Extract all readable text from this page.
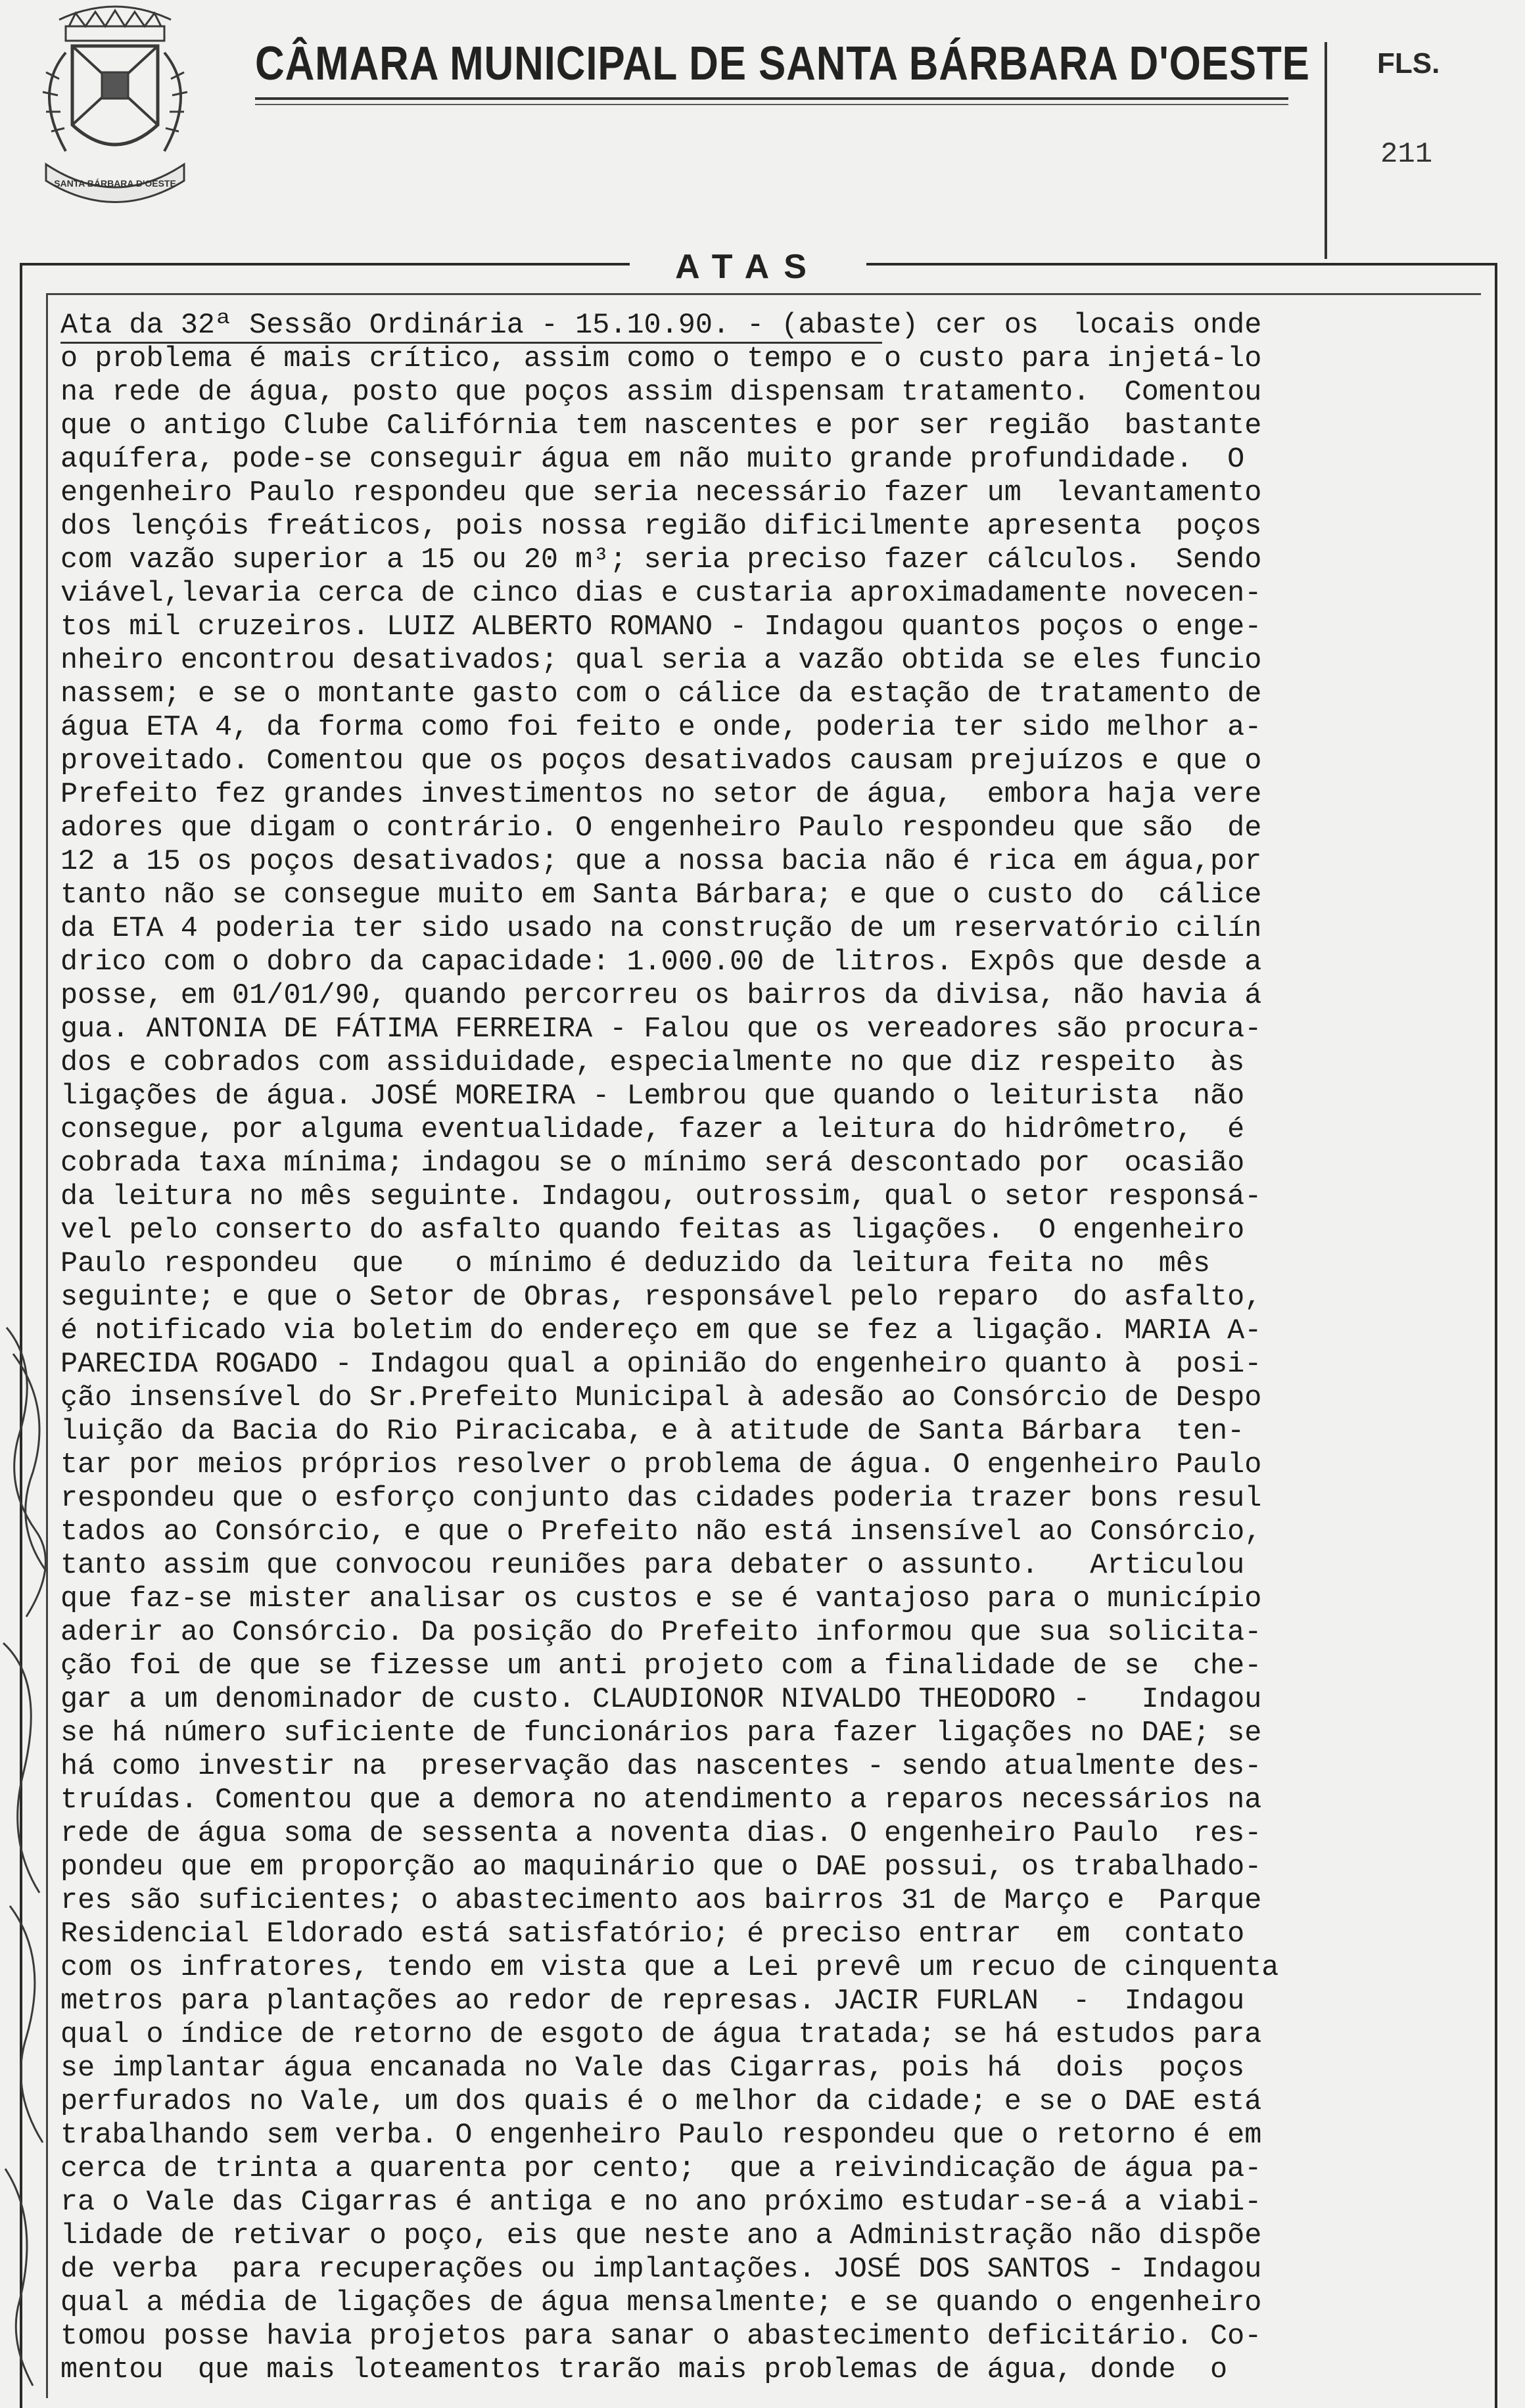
SANTA BÁRBARA D'OESTE
CÂMARA MUNICIPAL DE SANTA BÁRBARA D'OESTE FLS.
211
ATAS
Ata da 32ª Sessão Ordinária - 15.10.90. - (abaste) cer os  locais onde
o problema é mais crítico, assim como o tempo e o custo para injetá-lo
na rede de água, posto que poços assim dispensam tratamento.  Comentou
que o antigo Clube Califórnia tem nascentes e por ser região  bastante
aquífera, pode-se conseguir água em não muito grande profundidade.  O
engenheiro Paulo respondeu que seria necessário fazer um  levantamento
dos lençóis freáticos, pois nossa região dificilmente apresenta  poços
com vazão superior a 15 ou 20 m³; seria preciso fazer cálculos.  Sendo
viável,levaria cerca de cinco dias e custaria aproximadamente novecen-
tos mil cruzeiros. LUIZ ALBERTO ROMANO - Indagou quantos poços o enge-
nheiro encontrou desativados; qual seria a vazão obtida se eles funcio
nassem; e se o montante gasto com o cálice da estação de tratamento de
água ETA 4, da forma como foi feito e onde, poderia ter sido melhor a-
proveitado. Comentou que os poços desativados causam prejuízos e que o
Prefeito fez grandes investimentos no setor de água,  embora haja vere
adores que digam o contrário. O engenheiro Paulo respondeu que são  de
12 a 15 os poços desativados; que a nossa bacia não é rica em água,por
tanto não se consegue muito em Santa Bárbara; e que o custo do  cálice
da ETA 4 poderia ter sido usado na construção de um reservatório cilín
drico com o dobro da capacidade: 1.000.00 de litros. Expôs que desde a
posse, em 01/01/90, quando percorreu os bairros da divisa, não havia á
gua. ANTONIA DE FÁTIMA FERREIRA - Falou que os vereadores são procura-
dos e cobrados com assiduidade, especialmente no que diz respeito  às
ligações de água. JOSÉ MOREIRA - Lembrou que quando o leiturista  não
consegue, por alguma eventualidade, fazer a leitura do hidrômetro,  é
cobrada taxa mínima; indagou se o mínimo será descontado por  ocasião
da leitura no mês seguinte. Indagou, outrossim, qual o setor responsá-
vel pelo conserto do asfalto quando feitas as ligações.  O engenheiro
Paulo respondeu  que   o mínimo é deduzido da leitura feita no  mês
seguinte; e que o Setor de Obras, responsável pelo reparo  do asfalto,
é notificado via boletim do endereço em que se fez a ligação. MARIA A-
PARECIDA ROGADO - Indagou qual a opinião do engenheiro quanto à  posi-
ção insensível do Sr.Prefeito Municipal à adesão ao Consórcio de Despo
luição da Bacia do Rio Piracicaba, e à atitude de Santa Bárbara  ten-
tar por meios próprios resolver o problema de água. O engenheiro Paulo
respondeu que o esforço conjunto das cidades poderia trazer bons resul
tados ao Consórcio, e que o Prefeito não está insensível ao Consórcio,
tanto assim que convocou reuniões para debater o assunto.   Articulou
que faz-se mister analisar os custos e se é vantajoso para o município
aderir ao Consórcio. Da posição do Prefeito informou que sua solicita-
ção foi de que se fizesse um anti projeto com a finalidade de se  che-
gar a um denominador de custo. CLAUDIONOR NIVALDO THEODORO -   Indagou
se há número suficiente de funcionários para fazer ligações no DAE; se
há como investir na  preservação das nascentes - sendo atualmente des-
truídas. Comentou que a demora no atendimento a reparos necessários na
rede de água soma de sessenta a noventa dias. O engenheiro Paulo  res-
pondeu que em proporção ao maquinário que o DAE possui, os trabalhado-
res são suficientes; o abastecimento aos bairros 31 de Março e  Parque
Residencial Eldorado está satisfatório; é preciso entrar  em  contato
com os infratores, tendo em vista que a Lei prevê um recuo de cinquenta
metros para plantações ao redor de represas. JACIR FURLAN  -  Indagou
qual o índice de retorno de esgoto de água tratada; se há estudos para
se implantar água encanada no Vale das Cigarras, pois há  dois  poços
perfurados no Vale, um dos quais é o melhor da cidade; e se o DAE está
trabalhando sem verba. O engenheiro Paulo respondeu que o retorno é em
cerca de trinta a quarenta por cento;  que a reivindicação de água pa-
ra o Vale das Cigarras é antiga e no ano próximo estudar-se-á a viabi-
lidade de retivar o poço, eis que neste ano a Administração não dispõe
de verba  para recuperações ou implantações. JOSÉ DOS SANTOS - Indagou
qual a média de ligações de água mensalmente; e se quando o engenheiro
tomou posse havia projetos para sanar o abastecimento deficitário. Co-
mentou  que mais loteamentos trarão mais problemas de água, donde  o
